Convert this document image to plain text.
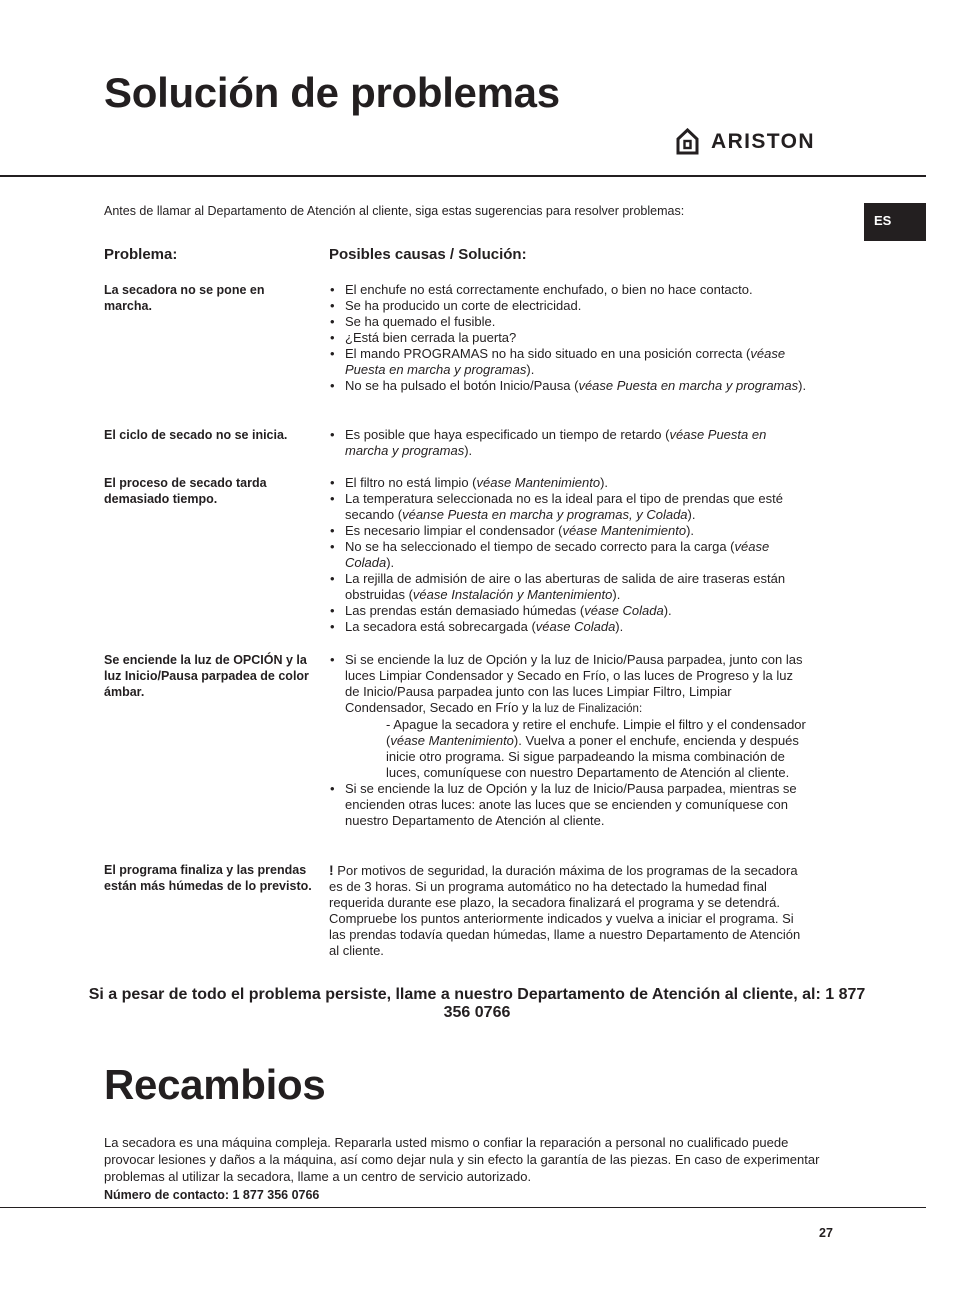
Solución de problemas
ARISTON
ES

Antes de llamar al Departamento de Atención al cliente, siga estas sugerencias para resolver problemas:

Problema:	Posibles causas / Solución:
La secadora no se pone en marcha.
• El enchufe no está correctamente enchufado, o bien no hace contacto.
• Se ha producido un corte de electricidad.
• Se ha quemado el fusible.
• ¿Está bien cerrada la puerta?
• El mando PROGRAMAS no ha sido situado en una posición correcta (véase Puesta en marcha y programas).
• No se ha pulsado el botón Inicio/Pausa (véase Puesta en marcha y programas).
El ciclo de secado no se inicia.
•	Es posible que haya especificado un tiempo de retardo (véase Puesta en marcha y programas).
El proceso de secado tarda demasiado tiempo.
• El filtro no está limpio (véase Mantenimiento).
• La temperatura seleccionada no es la ideal para el tipo de prendas que esté secando (véanse Puesta en marcha y programas, y Colada).
• Es necesario limpiar el condensador (véase Mantenimiento).
• No se ha seleccionado el tiempo de secado correcto para la carga (véase Colada).
• La rejilla de admisión de aire o las aberturas de salida de aire traseras están obstruidas (véase Instalación y Mantenimiento).
• Las prendas están demasiado húmedas (véase Colada).
• La secadora está sobrecargada (véase Colada).
Se enciende la luz de OPCIÓN y la luz Inicio/Pausa parpadea de color ámbar.
• Si se enciende la luz de Opción y la luz de Inicio/Pausa parpadea, junto con las luces Limpiar Condensador y Secado en Frío, o las luces de Progreso y la luz de Inicio/Pausa parpadea junto con las luces Limpiar Filtro, Limpiar Condensador, Secado en Frío y la luz de Finalización:
- Apague la secadora y retire el enchufe. Limpie el filtro y el condensador (véase Mantenimiento). Vuelva a poner el enchufe, encienda y después inicie otro programa. Si sigue parpadeando la misma combinación de luces, comuníquese con nuestro Departamento de Atención al cliente.
• Si se enciende la luz de Opción y la luz de Inicio/Pausa parpadea, mientras se encienden otras luces: anote las luces que se encienden y comuníquese con nuestro Departamento de Atención al cliente.
El programa finaliza y las prendas están más húmedas de lo previsto.

! Por motivos de seguridad, la duración máxima de los programas de la secadora es de 3 horas. Si un programa automático no ha detectado la humedad final requerida durante ese plazo, la secadora finalizará el programa y se detendrá. Compruebe los puntos anteriormente indicados y vuelva a iniciar el programa. Si las prendas todavía quedan húmedas, llame a nuestro Departamento de Atención al cliente.

Si a pesar de todo el problema persiste, llame a nuestro Departamento de Atención al cliente, al: 1 877 356 0766

Recambios

La secadora es una máquina compleja. Repararla usted mismo o confiar la reparación a personal no cualificado puede provocar lesiones y daños a la máquina, así como dejar nula y sin efecto la garantía de las piezas. En caso de experimentar problemas al utilizar la secadora, llame a un centro de servicio autorizado.

Número de contacto: 1 877 356 0766

27
